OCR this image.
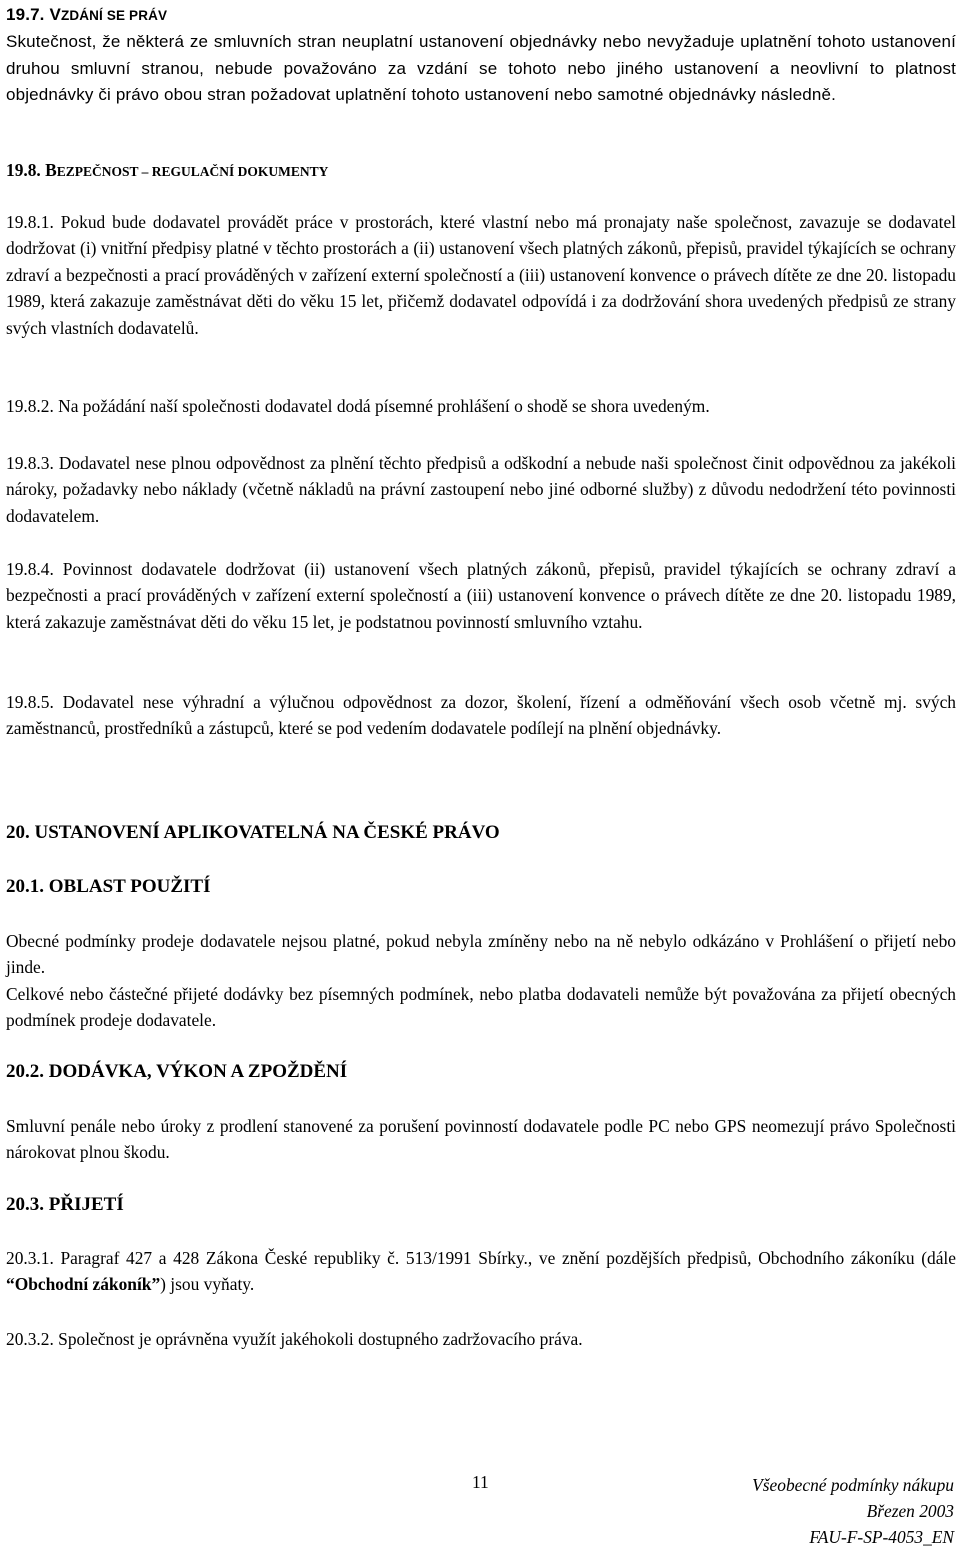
19.7. VZDÁNÍ SE PRÁV
Skutečnost, že některá ze smluvních stran neuplatní ustanovení objednávky nebo nevyžaduje uplatnění tohoto ustanovení druhou smluvní stranou, nebude považováno za vzdání se tohoto nebo jiného ustanovení a neovlivní to platnost objednávky či právo obou stran požadovat uplatnění tohoto ustanovení nebo samotné objednávky následně.
19.8. BEZPEČNOST – REGULAČNÍ DOKUMENTY
19.8.1. Pokud bude dodavatel provádět práce v prostorách, které vlastní nebo má pronajaty naše společnost, zavazuje se dodavatel dodržovat (i) vnitřní předpisy platné v těchto prostorách a (ii) ustanovení všech platných zákonů, přepisů, pravidel týkajících se ochrany zdraví a bezpečnosti a prací prováděných v zařízení externí společností a (iii) ustanovení konvence o právech dítěte ze dne 20. listopadu 1989, která zakazuje zaměstnávat děti do věku 15 let, přičemž dodavatel odpovídá i za dodržování shora uvedených předpisů ze strany svých vlastních dodavatelů.
19.8.2. Na požádání naší společnosti dodavatel dodá písemné prohlášení o shodě se shora uvedeným.
19.8.3. Dodavatel nese plnou odpovědnost za plnění těchto předpisů a odškodní a nebude naši společnost činit odpovědnou za jakékoli nároky, požadavky nebo náklady (včetně nákladů na právní zastoupení nebo jiné odborné služby) z důvodu nedodržení této povinnosti dodavatelem.
19.8.4. Povinnost dodavatele dodržovat (ii) ustanovení všech platných zákonů, přepisů, pravidel týkajících se ochrany zdraví a bezpečnosti a prací prováděných v zařízení externí společností a (iii) ustanovení konvence o právech dítěte ze dne 20. listopadu 1989, která zakazuje zaměstnávat děti do věku 15 let, je podstatnou povinností smluvního vztahu.
19.8.5. Dodavatel nese výhradní a výlučnou odpovědnost za dozor, školení, řízení a odměňování všech osob včetně mj. svých zaměstnanců, prostředníků a zástupců, které se pod vedením dodavatele podílejí na plnění objednávky.
20. USTANOVENÍ APLIKOVATELNÁ NA ČESKÉ PRÁVO
20.1. OBLAST POUŽITÍ
Obecné podmínky prodeje dodavatele nejsou platné, pokud nebyla zmíněny nebo na ně nebylo odkázáno v Prohlášení o přijetí nebo jinde.
Celkové nebo částečné přijeté dodávky bez písemných podmínek, nebo platba dodavateli nemůže být považována za přijetí obecných podmínek prodeje dodavatele.
20.2. DODÁVKA, VÝKON A ZPOŽDĚNÍ
Smluvní penále nebo úroky z prodlení stanovené za porušení povinností dodavatele podle PC nebo GPS neomezují právo Společnosti nárokovat plnou škodu.
20.3. PŘIJETÍ
20.3.1. Paragraf 427 a 428 Zákona České republiky č. 513/1991 Sbírky., ve znění pozdějších předpisů, Obchodního zákoníku (dále “Obchodní zákoník”) jsou vyňaty.
20.3.2. Společnost je oprávněna využít jakéhokoli dostupného zadržovacího práva.
11	Všeobecné podmínky nákupu
Březen 2003
FAU-F-SP-4053_EN
